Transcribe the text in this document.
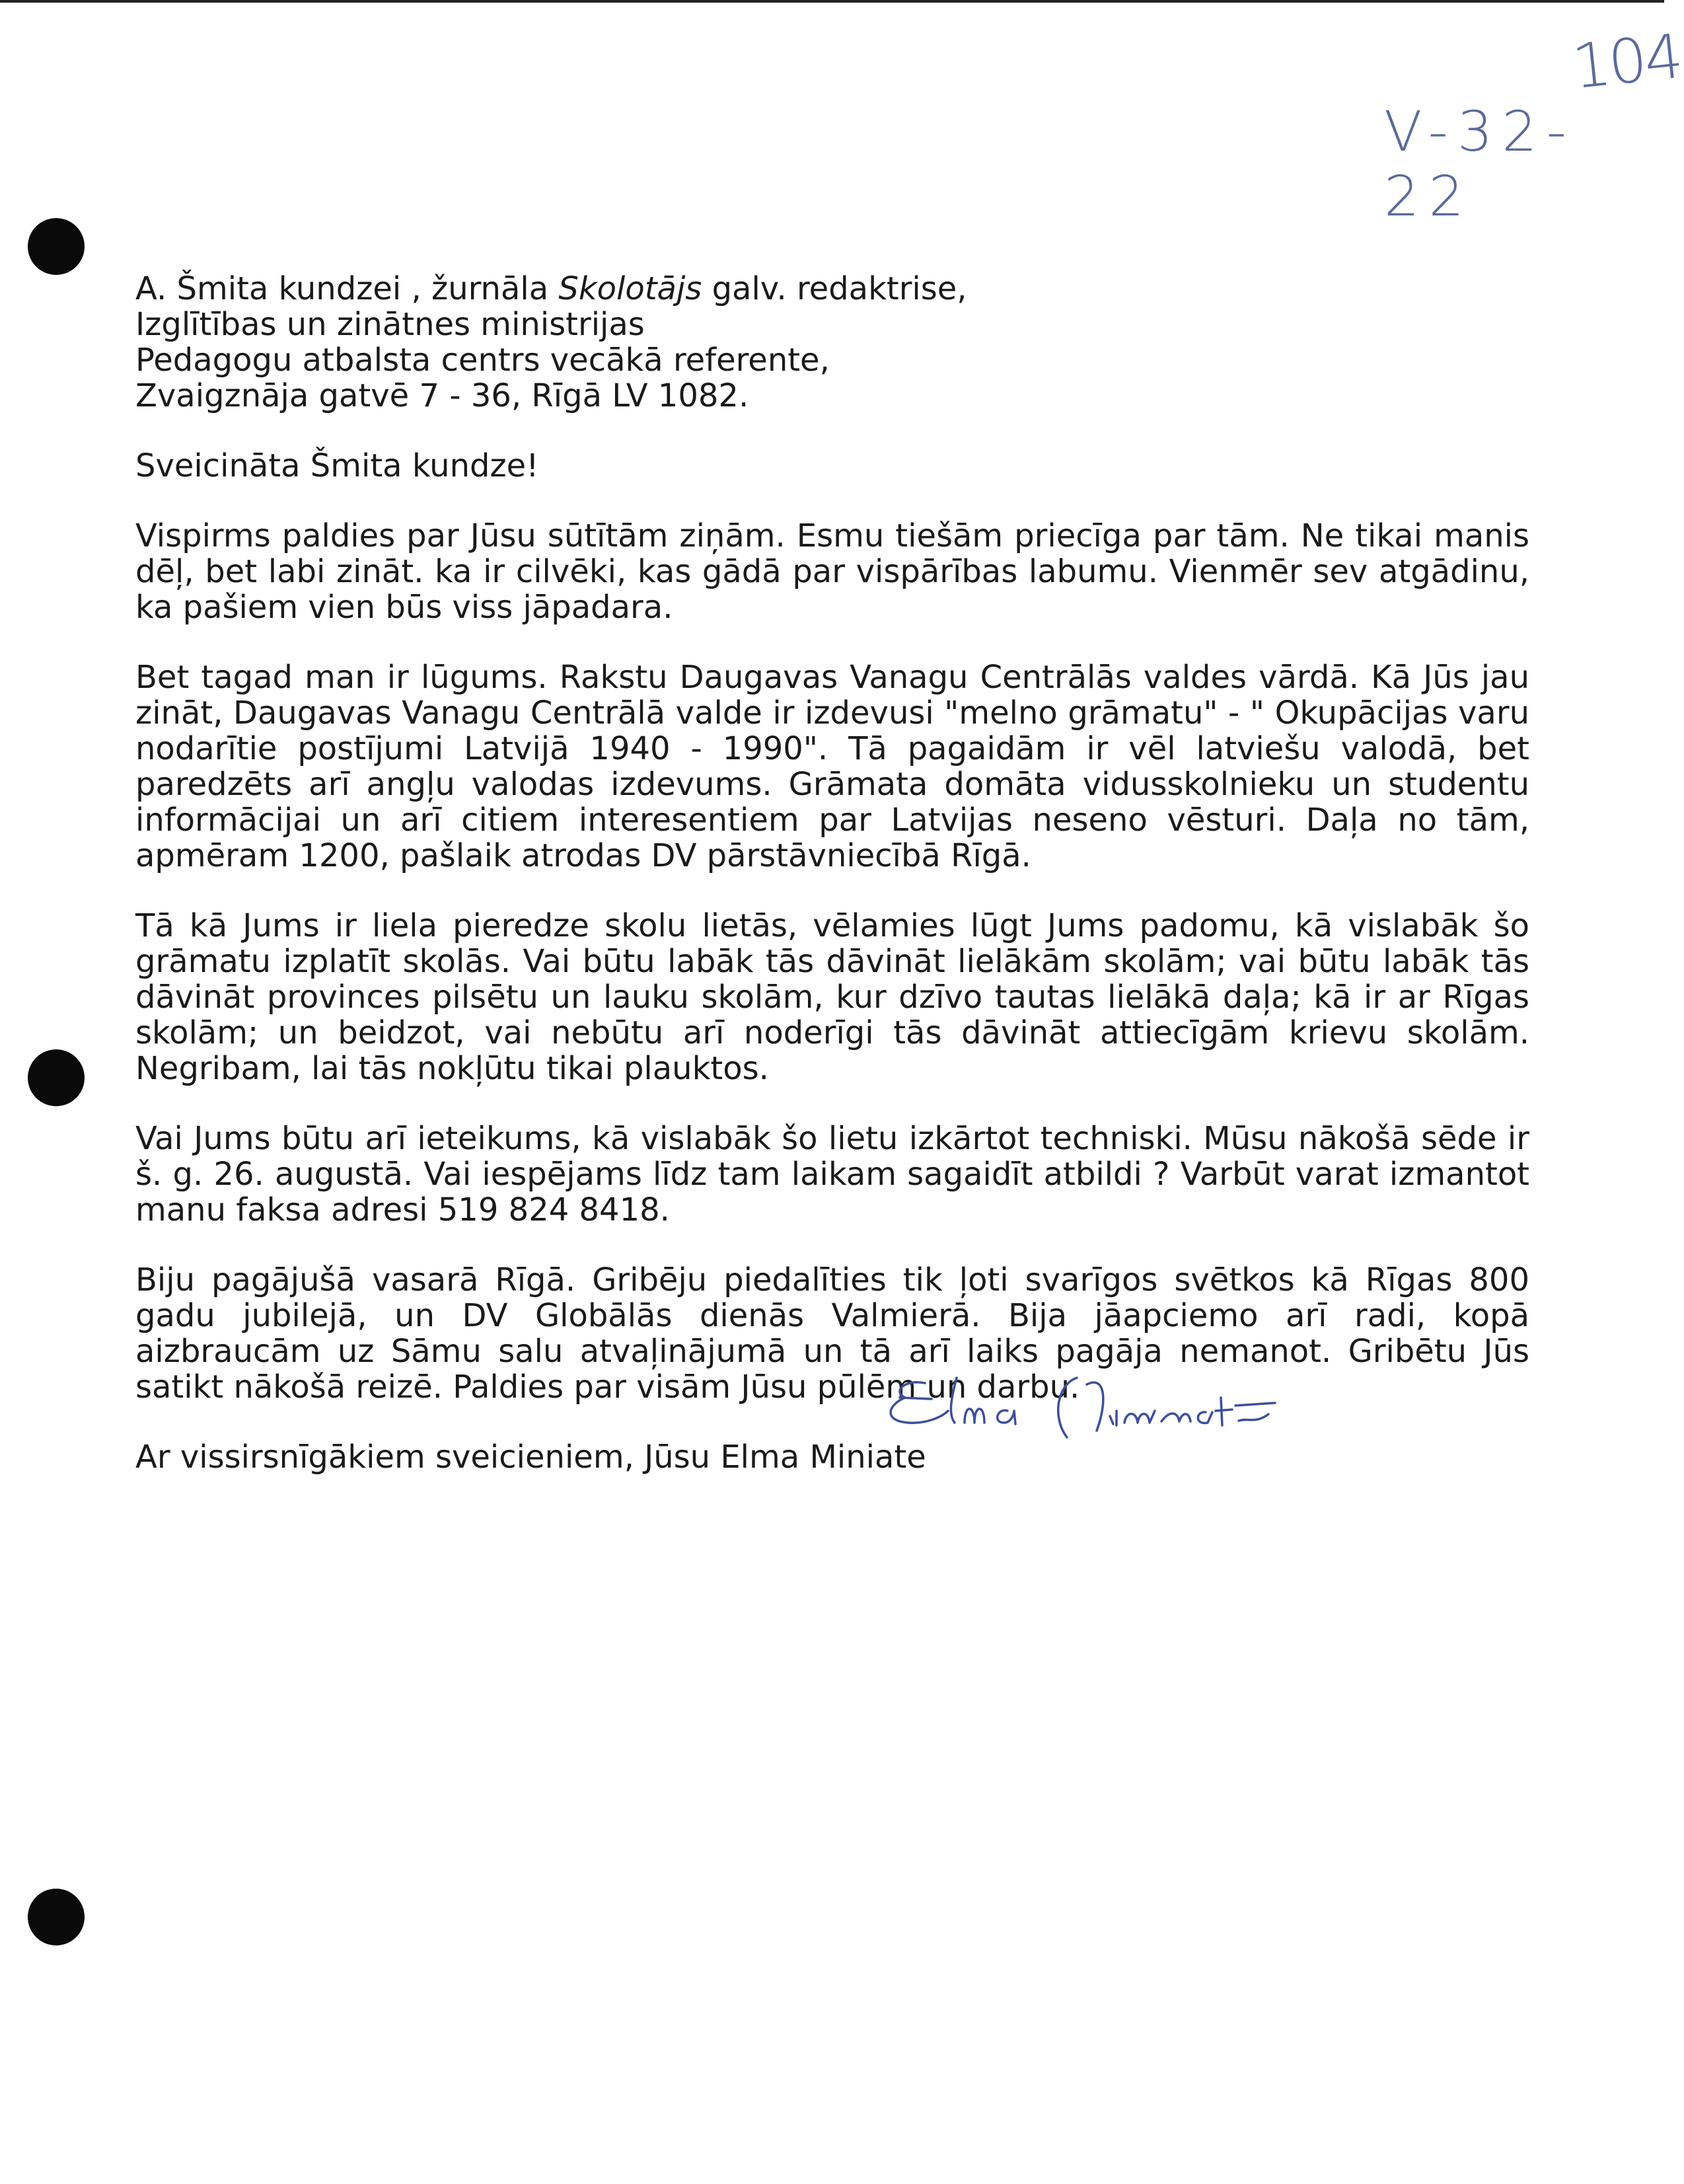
104
V-32-22
A. Šmita kundzei , žurnāla Skolotājs galv. redaktrise,
Izglītības un zinātnes ministrijas
Pedagogu atbalsta centrs vecākā referente,
Zvaigznāja gatvē 7 - 36, Rīgā LV 1082.

Sveicināta Šmita kundze!

Vispirms paldies par Jūsu sūtītām ziņām. Esmu tiešām priecīga par tām. Ne tikai manis dēļ, bet labi zināt. ka ir cilvēki, kas gādā par vispārības labumu. Vienmēr sev atgādinu, ka pašiem vien būs viss jāpadara.

Bet tagad man ir lūgums. Rakstu Daugavas Vanagu Centrālās valdes vārdā. Kā Jūs jau zināt, Daugavas Vanagu Centrālā valde ir izdevusi "melno grāmatu" - " Okupācijas varu nodarītie postījumi Latvijā 1940 - 1990". Tā pagaidām ir vēl latviešu valodā, bet paredzēts arī angļu valodas izdevums. Grāmata domāta vidusskolnieku un studentu informācijai un arī citiem interesentiem par Latvijas neseno vēsturi. Daļa no tām, apmēram 1200, pašlaik atrodas DV pārstāvniecībā Rīgā.

Tā kā Jums ir liela pieredze skolu lietās, vēlamies lūgt Jums padomu, kā vislabāk šo grāmatu izplatīt skolās. Vai būtu labāk tās dāvināt lielākām skolām; vai būtu labāk tās dāvināt provinces pilsētu un lauku skolām, kur dzīvo tautas lielākā daļa; kā ir ar Rīgas skolām; un beidzot, vai nebūtu arī noderīgi tās dāvināt attiecīgām krievu skolām. Negribam, lai tās nokļūtu tikai plauktos.

Vai Jums būtu arī ieteikums, kā vislabāk šo lietu izkārtot techniski. Mūsu nākošā sēde ir š. g. 26. augustā. Vai iespējams līdz tam laikam sagaidīt atbildi ? Varbūt varat izmantot manu faksa adresi 519 824 8418.

Biju pagājušā vasarā Rīgā. Gribēju piedalīties tik ļoti svarīgos svētkos kā Rīgas 800 gadu jubilejā, un DV Globālās dienās Valmierā. Bija jāapciemo arī radi, kopā aizbraucām uz Sāmu salu atvaļinājumā un tā arī laiks pagāja nemanot. Gribētu Jūs satikt nākošā reizē. Paldies par visām Jūsu pūlēm un darbu.

Ar vissirsnīgākiem sveicieniem, Jūsu Elma Miniate
